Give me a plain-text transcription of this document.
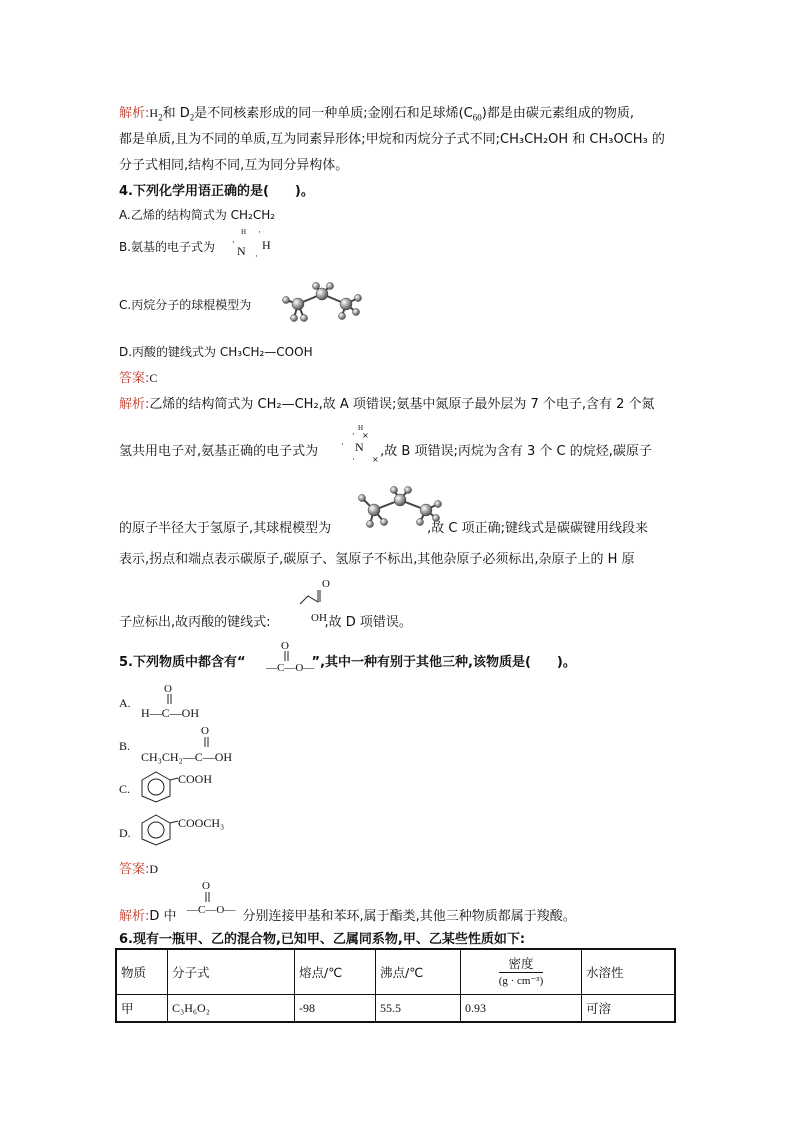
解析$:H_2$和 $D_2$是不同核素形成的同一种单质;金刚石和足球烯$(C_{60})$都是由碳元素组成的物质,
都是单质,且为不同的单质,互为同素异形体;甲烷和丙烷分子式不同;CH₃CH₂OH 和 CH₃OCH₃ 的
分子式相同,结构不同,互为同分异构体。
4.下列化学用语正确的是(　　)。
A.乙烯的结构简式为 CH₂CH₂
B.氨基的电子式为
H ·
N H
·
·
C.丙烷分子的球棍模型为
D.丙酸的键线式为 CH₃CH₂—COOH
答案:C
解析:乙烯的结构简式为 CH₂—CH₂,故 A 项错误;氨基中氮原子最外层为 7 个电子,含有 2 个氮
氢共用电子对,氨基正确的电子式为	,故 B 项错误;丙烷为含有 3 个 C 的烷烃,碳原子
H
· ×
· N
· ×
的原子半径大于氢原子,其球棍模型为	,故 C 项正确;键线式是碳碳键用线段来
表示,拐点和端点表示碳原子,碳原子、氢原子不标出,其他杂原子必须标出,杂原子上的 H 原
子应标出,故丙酸的键线式:	,故 D 项错误。
O
OH
5.下列物质中都含有“	”,其中一种有别于其他三种,该物质是(　　)。
O
—C—O—
A.
O
H—C—OH
B.
O
CH₃CH₂—C—OH
C.
COOH
D.
COOCH₃
答案:D
解析:D 中	分别连接甲基和苯环,属于酯类,其他三种物质都属于羧酸。
O
—C—O—
6.现有一瓶甲、乙的混合物,已知甲、乙属同系物,甲、乙某些性质如下:
物质	分子式	熔点/℃	沸点/℃	密度
(g · cm⁻³)	水溶性
甲	C₃H₆O₂	-98	55.5	0.93	可溶
